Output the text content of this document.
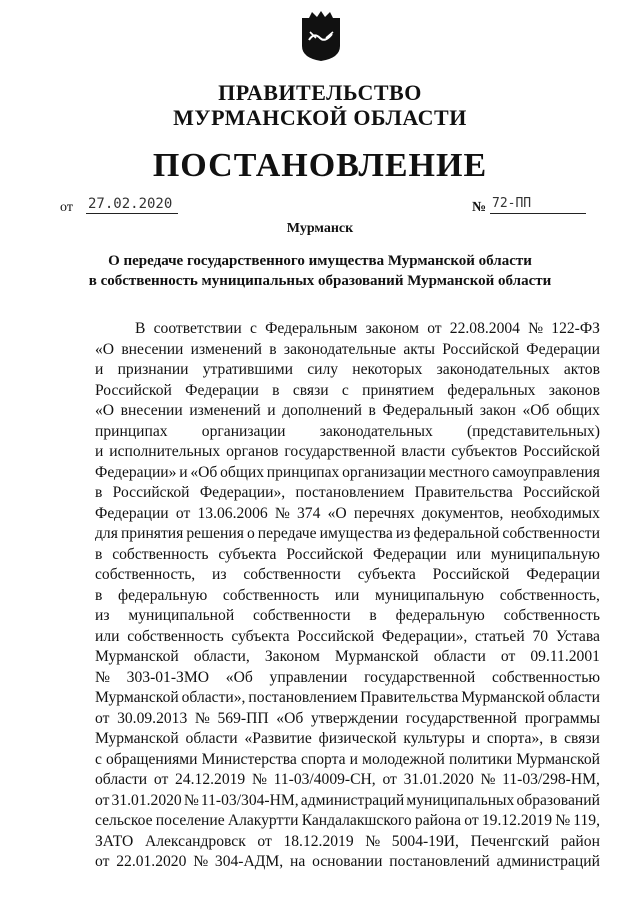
ПРАВИТЕЛЬСТВО
МУРМАНСКОЙ ОБЛАСТИ
ПОСТАНОВЛЕНИЕ
от 27.02.2020	№ 72-ПП
Мурманск
О передаче государственного имущества Мурманской области
в собственность муниципальных образований Мурманской области
В соответствии с Федеральным законом от 22.08.2004 № 122-ФЗ
«О внесении изменений в законодательные акты Российской Федерации
и признании утратившими силу некоторых законодательных актов
Российской Федерации в связи с принятием федеральных законов
«О внесении изменений и дополнений в Федеральный закон «Об общих
принципах организации законодательных (представительных)
и исполнительных органов государственной власти субъектов Российской
Федерации» и «Об общих принципах организации местного самоуправления
в Российской Федерации», постановлением Правительства Российской
Федерации от 13.06.2006 № 374 «О перечнях документов, необходимых
для принятия решения о передаче имущества из федеральной собственности
в собственность субъекта Российской Федерации или муниципальную
собственность, из собственности субъекта Российской Федерации
в федеральную собственность или муниципальную собственность,
из муниципальной собственности в федеральную собственность
или собственность субъекта Российской Федерации», статьей 70 Устава
Мурманской области, Законом Мурманской области от 09.11.2001
№ 303-01-ЗМО «Об управлении государственной собственностью
Мурманской области», постановлением Правительства Мурманской области
от 30.09.2013 № 569-ПП «Об утверждении государственной программы
Мурманской области «Развитие физической культуры и спорта», в связи
с обращениями Министерства спорта и молодежной политики Мурманской
области от 24.12.2019 № 11-03/4009-СН, от 31.01.2020 № 11-03/298-НМ,
от 31.01.2020 № 11-03/304-НМ, администраций муниципальных образований
сельское поселение Алакуртти Кандалакшского района от 19.12.2019 № 119,
ЗАТО Александровск от 18.12.2019 № 5004-19И, Печенгский район
от 22.01.2020 № 304-АДМ, на основании постановлений администраций
